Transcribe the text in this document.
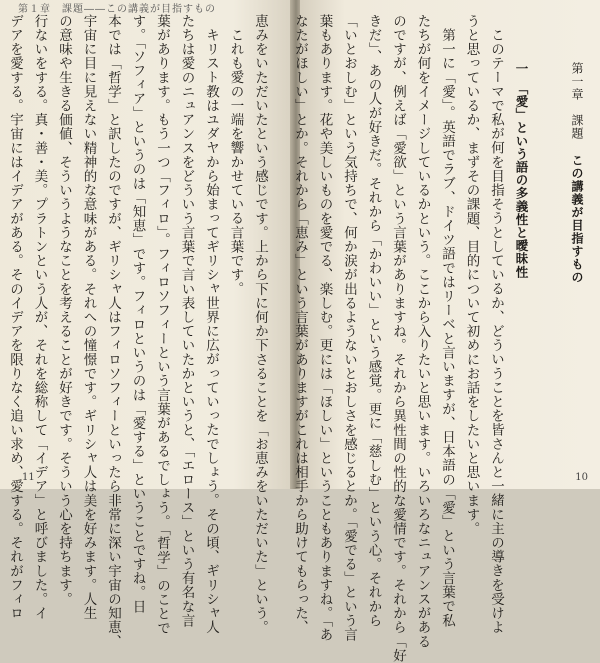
第１章　課題――この講義が目指すもの

恵みをいただいたという感じです。上から下に何か下さることを「お恵みをいただいた」という。

これも愛の一端を響かせている言葉です。

キリスト教はユダヤから始まってギリシャ世界に広がっていったでしょう。その頃、ギリシャ人

たちは愛のニュアンスをどういう言葉で言い表していたかというと、「エロース」という有名な言

葉があります。もう一つ「フィロ」。フィロソフィーという言葉があるでしょう。「哲学」のことで

す。「ソフィア」というのは「知恵」です。フィロというのは「愛する」ということですね。日

本では「哲学」と訳したのですが、ギリシャ人はフィロソフィーといったら非常に深い宇宙の知恵、

宇宙に目に見えない精神的な意味がある。それへの憧憬です。ギリシャ人は美を好みます。人生

の意味や生きる価値、そういうようなことを考えることが好きです。そういう心を持ちます。

行ないをする。真・善・美。プラトンという人が、それを総称して「イデア」と呼びました。イ

デアを愛する。宇宙にはイデアがある。そのイデアを限りなく追い求め、愛する。それがフィロ 11
第一章　課題この講義が目指すもの
一　「愛」という語の多義性と曖昧性

このテーマで私が何を目指そうとしているか、どういうことを皆さんと一緒に主の導きを受けよ

うと思っているか、まずその課題、目的について初めにお話をしたいと思います。

第一に「愛」。英語でラブ、ドイツ語ではリーベと言いますが、日本語の「愛」という言葉で私

たちが何をイメージしているかという。ここから入りたいと思います。いろいろなニュアンスがある

のですが、例えば「愛欲」という言葉がありますね。それから異性間の性的な愛情です。それから「好

きだ」、あの人が好きだ。それから「かわいい」という感覚。更に「慈しむ」という心。それから

「いとおしむ」という気持ちで、何か涙が出るようないとおしさを感じるとか。「愛でる」という言

葉もあります。花や美しいものを愛でる、楽しむ。更には「ほしい」ということもありますね。「あ

なたがほしい」とか。それから「恵み」という言葉がありますがこれは相手から助けてもらった、	10
